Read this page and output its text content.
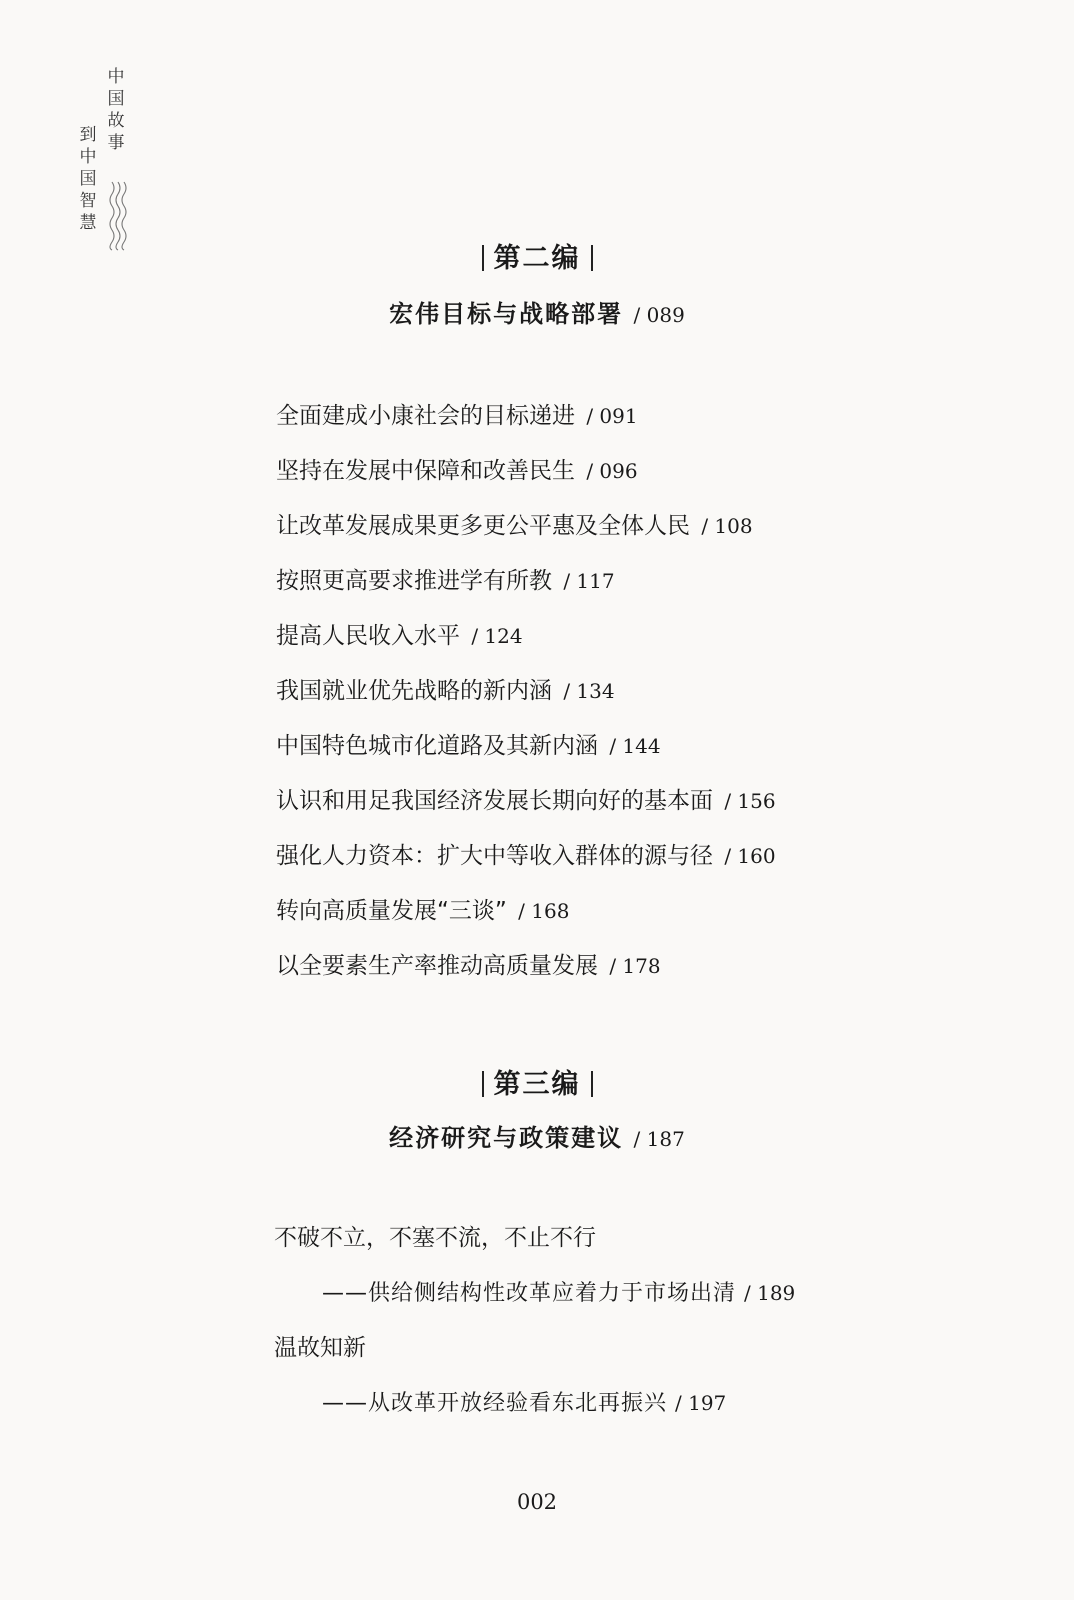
中
国
故
事
到
中
国
智
慧
第二编
宏伟目标与战略部署 / 089
全面建成小康社会的目标递进 / 091
坚持在发展中保障和改善民生 / 096
让改革发展成果更多更公平惠及全体人民 / 108
按照更高要求推进学有所教 / 117
提高人民收入水平 / 124
我国就业优先战略的新内涵 / 134
中国特色城市化道路及其新内涵 / 144
认识和用足我国经济发展长期向好的基本面 / 156
强化人力资本：扩大中等收入群体的源与径 / 160
转向高质量发展“三谈” / 168
以全要素生产率推动高质量发展 / 178
第三编
经济研究与政策建议 / 187
不破不立，不塞不流，不止不行
——供给侧结构性改革应着力于市场出清 / 189
温故知新
——从改革开放经验看东北再振兴 / 197
002
